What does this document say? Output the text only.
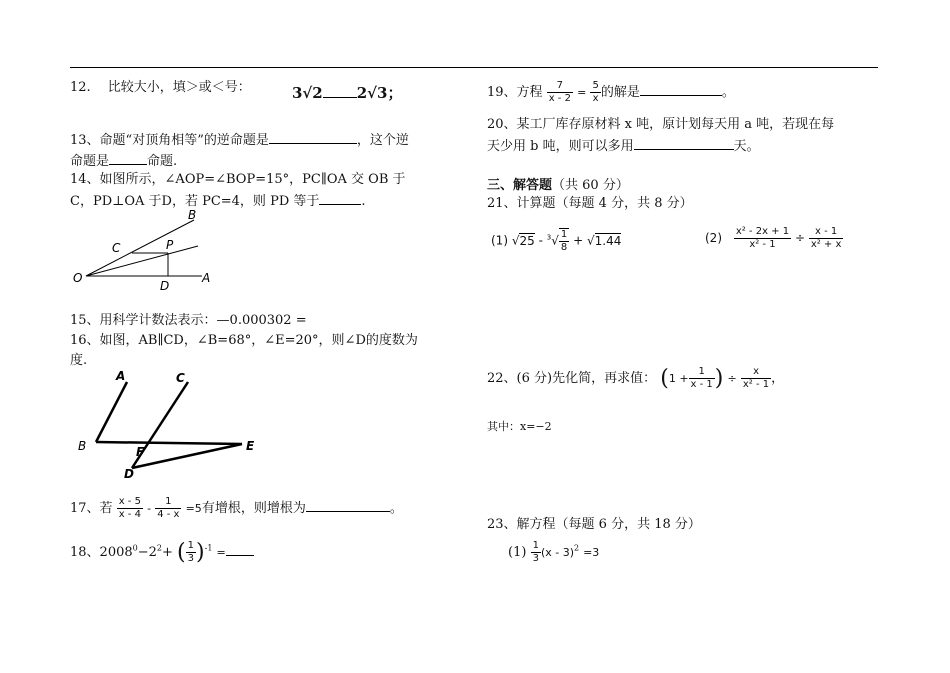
12.　 比较大小，填＞或＜号：	3√2 2√3；
13、命题“对顶角相等”的逆命题是	，这个逆
命题是	命题.
14、如图所示，∠AOP=∠BOP=15°，PC∥OA 交 OB 于
C，PD⊥OA 于D，若 PC=4，则 PD 等于	.
B
C	P
O
D
A
15、用科学计数法表示：—0.000302 =
16、如图，AB∥CD，∠B=68°，∠E=20°，则∠D的度数为
度.
A	C
B	F	E
D
17、若 $\frac{x - 5}{x - 4} - \frac{1}{4 - x} =5$有增根，则增根为	。
18、$2008^0-2^2+$ ( $\frac{1}{3} )^{-1}$ =
19、方程 $\frac{7}{x - 2} = \frac{5}{x}$ 的解是	。
20、某工厂库存原材料 x 吨，原计划每天用 a 吨，若现在每
天少用 b 吨，则可以多用	天。
三、解答题（共 60 分）
21、计算题（每题 4 分，共 8 分）
(1) $√25 - ^3√ \frac{1}{8} + √1.44$	$(2) \frac{\text{x² - 2x + 1}}{\text{x² - 1}} \div \frac{x - 1}{\text{x² + x}}$
22、(6 分)先化简，再求值： ($1 + \frac{1}{x - 1}$ ) ÷ $\frac{x}{\text{x² - 1}}$ ，
其中：x=−2
23、解方程（每题 6 分，共 18 分）
$(1) \frac{1}{3} (x - 3)^2 =3$
